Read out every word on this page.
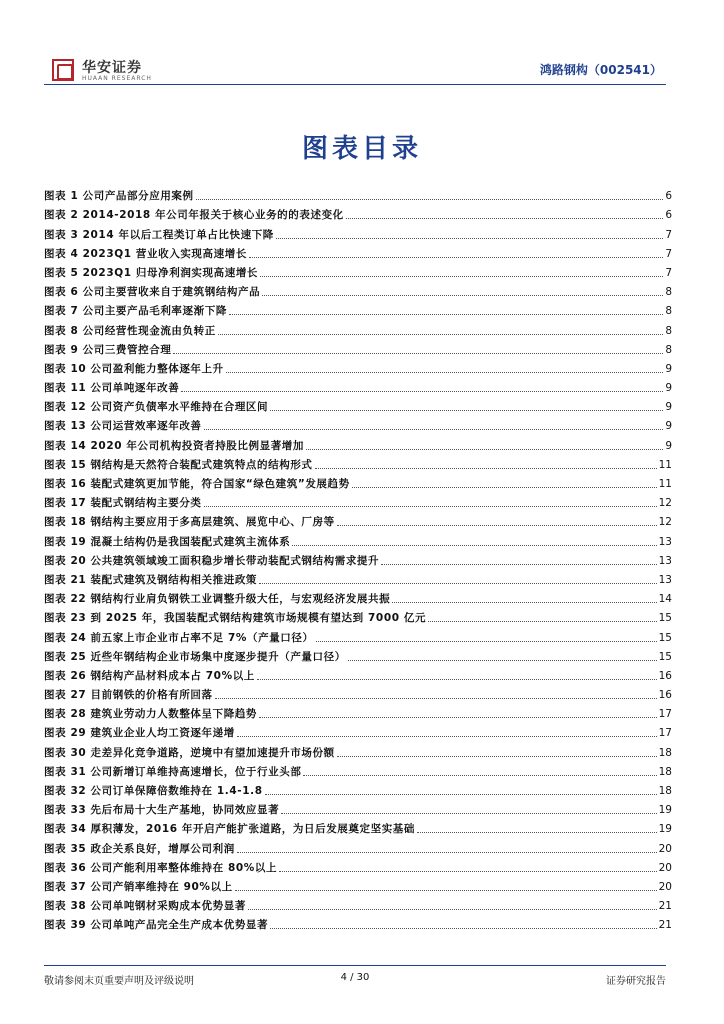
华安证券
HUAAN RESEARCH
鸿路钢构（002541）
图表目录
图表 1 公司产品部分应用案例	6
图表 2 2014-2018 年公司年报关于核心业务的的表述变化	6
图表 3 2014 年以后工程类订单占比快速下降	7
图表 4 2023Q1 营业收入实现高速增长	7
图表 5 2023Q1 归母净利润实现高速增长	7
图表 6 公司主要营收来自于建筑钢结构产品	8
图表 7 公司主要产品毛利率逐渐下降	8
图表 8 公司经营性现金流由负转正	8
图表 9 公司三费管控合理	8
图表 10 公司盈利能力整体逐年上升	9
图表 11 公司单吨逐年改善	9
图表 12 公司资产负债率水平维持在合理区间	9
图表 13 公司运营效率逐年改善	9
图表 14 2020 年公司机构投资者持股比例显著增加	9
图表 15 钢结构是天然符合装配式建筑特点的结构形式	11
图表 16 装配式建筑更加节能，符合国家“绿色建筑”发展趋势	11
图表 17 装配式钢结构主要分类	12
图表 18 钢结构主要应用于多高层建筑、展览中心、厂房等	12
图表 19 混凝土结构仍是我国装配式建筑主流体系	13
图表 20 公共建筑领域竣工面积稳步增长带动装配式钢结构需求提升	13
图表 21 装配式建筑及钢结构相关推进政策	13
图表 22 钢结构行业肩负钢铁工业调整升级大任，与宏观经济发展共振	14
图表 23 到 2025 年，我国装配式钢结构建筑市场规模有望达到 7000 亿元	15
图表 24 前五家上市企业市占率不足 7%（产量口径）	15
图表 25 近些年钢结构企业市场集中度逐步提升（产量口径）	15
图表 26 钢结构产品材料成本占 70%以上	16
图表 27 目前钢铁的价格有所回落	16
图表 28 建筑业劳动力人数整体呈下降趋势	17
图表 29 建筑业企业人均工资逐年递增	17
图表 30 走差异化竞争道路，逆境中有望加速提升市场份额	18
图表 31 公司新增订单维持高速增长，位于行业头部	18
图表 32 公司订单保障倍数维持在 1.4-1.8	18
图表 33 先后布局十大生产基地，协同效应显著	19
图表 34 厚积薄发，2016 年开启产能扩张道路，为日后发展奠定坚实基础	19
图表 35 政企关系良好，增厚公司利润	20
图表 36 公司产能利用率整体维持在 80%以上	20
图表 37 公司产销率维持在 90%以上	20
图表 38 公司单吨钢材采购成本优势显著	21
图表 39 公司单吨产品完全生产成本优势显著	21
敬请参阅末页重要声明及评级说明	4 / 30	证券研究报告
